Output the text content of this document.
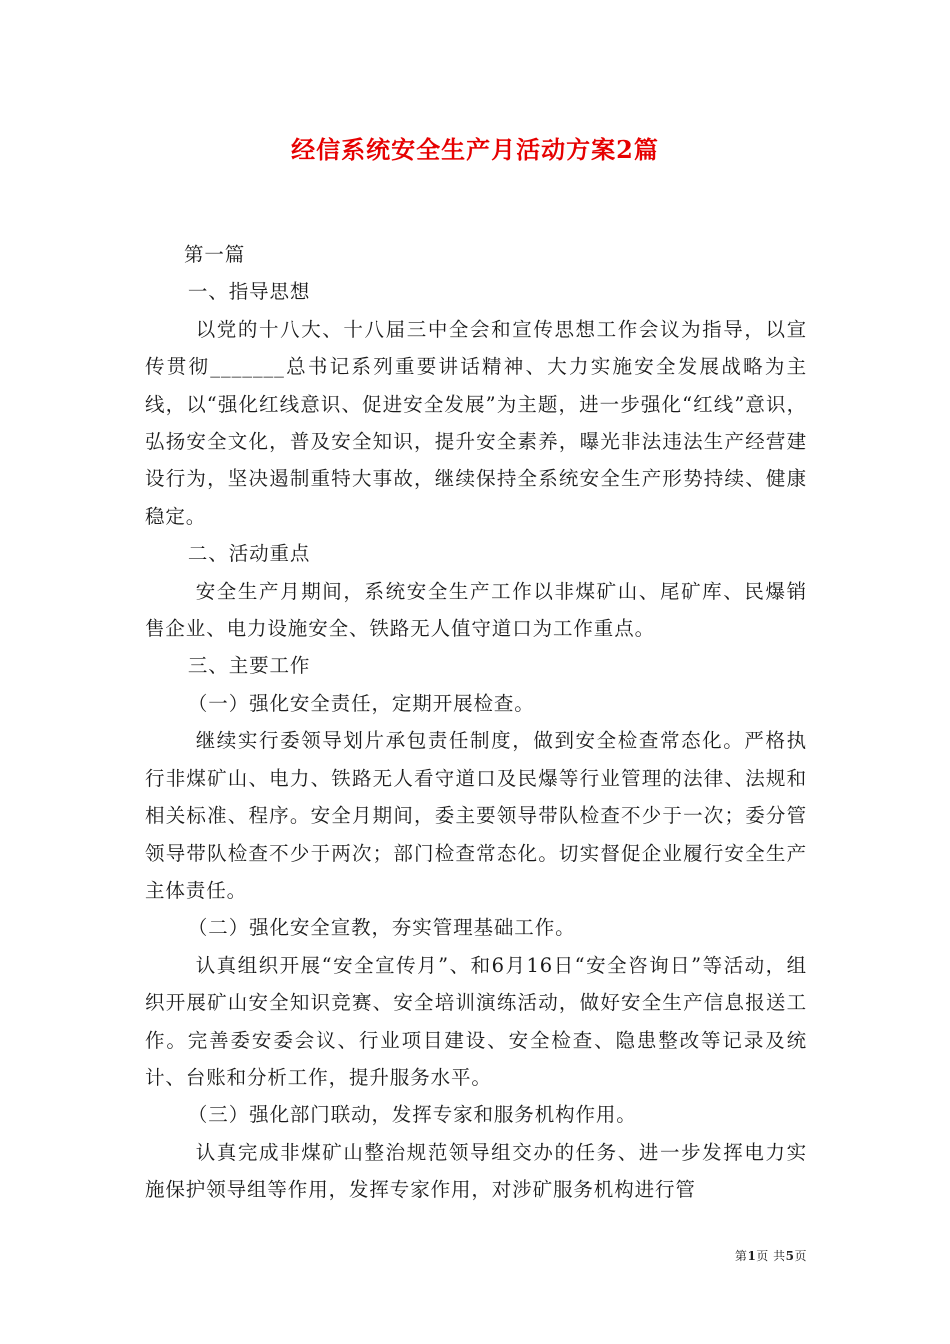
经信系统安全生产月活动方案2篇

第一篇

一、指导思想

以党的十八大、十八届三中全会和宣传思想工作会议为指导，以宣传贯彻_______总书记系列重要讲话精神、大力实施安全发展战略为主线，以“强化红线意识、促进安全发展”为主题，进一步强化“红线”意识，弘扬安全文化，普及安全知识，提升安全素养，曝光非法违法生产经营建设行为，坚决遏制重特大事故，继续保持全系统安全生产形势持续、健康稳定。

二、活动重点

安全生产月期间，系统安全生产工作以非煤矿山、尾矿库、民爆销售企业、电力设施安全、铁路无人值守道口为工作重点。

三、主要工作

（一）强化安全责任，定期开展检查。

继续实行委领导划片承包责任制度，做到安全检查常态化。严格执行非煤矿山、电力、铁路无人看守道口及民爆等行业管理的法律、法规和相关标准、程序。安全月期间，委主要领导带队检查不少于一次；委分管领导带队检查不少于两次；部门检查常态化。切实督促企业履行安全生产主体责任。

（二）强化安全宣教，夯实管理基础工作。

认真组织开展“安全宣传月”、和6月16日“安全咨询日”等活动，组织开展矿山安全知识竞赛、安全培训演练活动，做好安全生产信息报送工作。完善委安委会议、行业项目建设、安全检查、隐患整改等记录及统计、台账和分析工作，提升服务水平。

（三）强化部门联动，发挥专家和服务机构作用。

认真完成非煤矿山整治规范领导组交办的任务、进一步发挥电力实施保护领导组等作用，发挥专家作用，对涉矿服务机构进行管

第1页 共5页
